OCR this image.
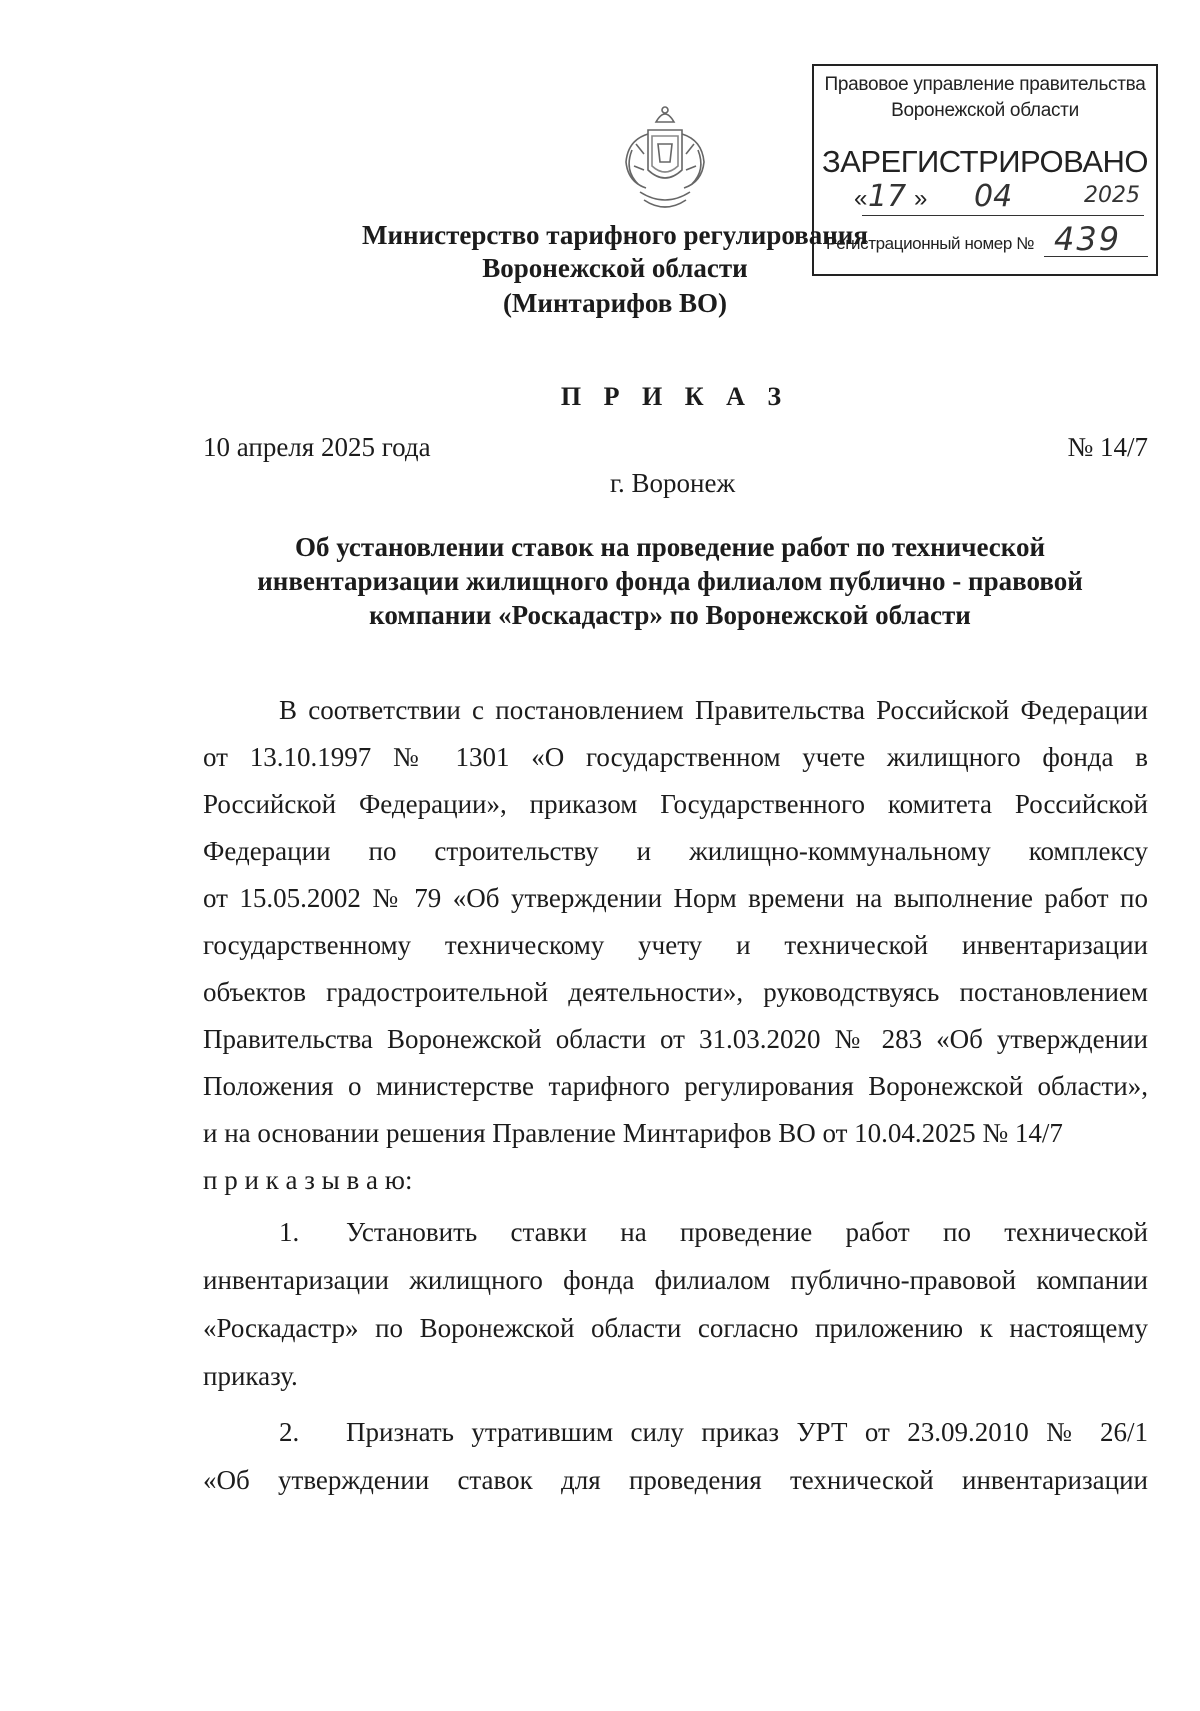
Правовое управление правительства
Воронежской области
ЗАРЕГИСТРИРОВАНО
« 17 » 04	2025
Регистрационный номер № 439
Министерство тарифного регулирования
Воронежской области
(Минтарифов ВО)
П Р И К А З
10 апреля 2025 года	№ 14/7
г. Воронеж
Об установлении ставок на проведение работ по технической
инвентаризации жилищного фонда филиалом публично - правовой
компании «Роскадастр» по Воронежской области
В соответствии с постановлением Правительства Российской Федерации
от 13.10.1997 № 1301 «О государственном учете жилищного фонда в
Российской Федерации», приказом Государственного комитета Российской
Федерации по строительству и жилищно-коммунальному комплексу
от 15.05.2002 № 79 «Об утверждении Норм времени на выполнение работ по
государственному техническому учету и технической инвентаризации
объектов градостроительной деятельности», руководствуясь постановлением
Правительства Воронежской области от 31.03.2020 № 283 «Об утверждении
Положения о министерстве тарифного регулирования Воронежской области»,
и на основании решения Правление Минтарифов ВО от 10.04.2025 № 14/7
п р и к а з ы в а ю:
1. Установить ставки на проведение работ по технической
инвентаризации жилищного фонда филиалом публично-правовой компании
«Роскадастр» по Воронежской области согласно приложению к настоящему
приказу.
2. Признать утратившим силу приказ УРТ от 23.09.2010 № 26/1
«Об утверждении ставок для проведения технической инвентаризации
